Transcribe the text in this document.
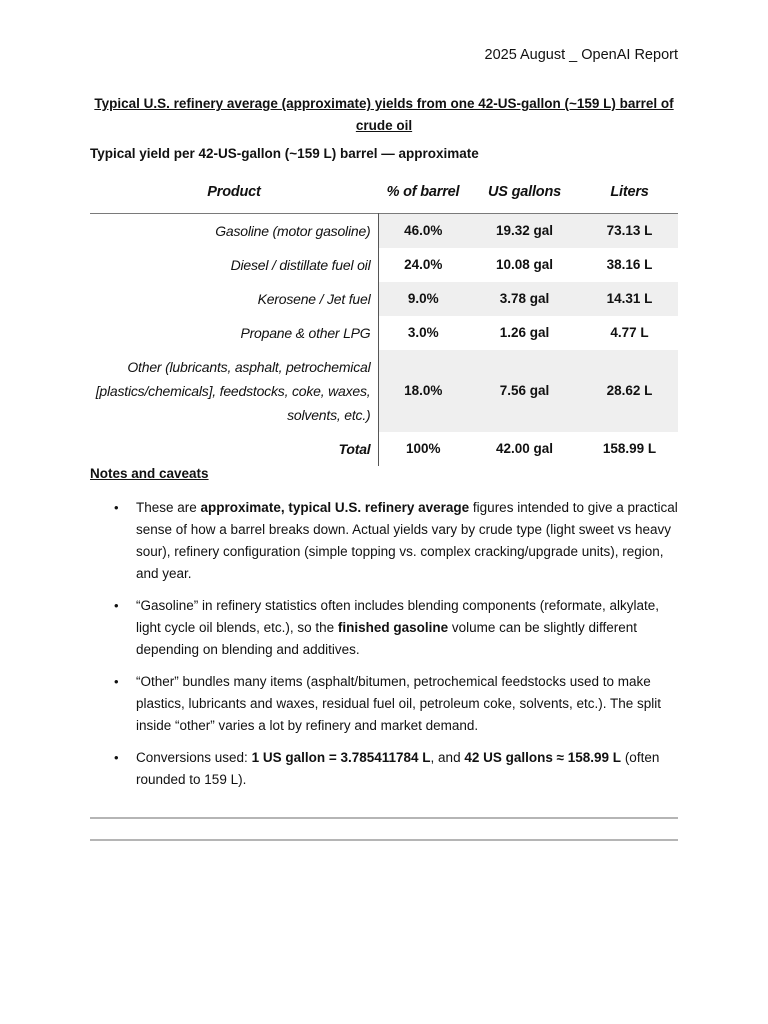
2025 August _ OpenAI Report
Typical U.S. refinery average (approximate) yields from one 42-US-gallon (~159 L) barrel of crude oil
Typical yield per 42-US-gallon (~159 L) barrel — approximate
Product	% of barrel	US gallons	Liters
Gasoline (motor gasoline)	46.0%	19.32 gal	73.13 L
Diesel / distillate fuel oil	24.0%	10.08 gal	38.16 L
Kerosene / Jet fuel	9.0%	3.78 gal	14.31 L
Propane & other LPG	3.0%	1.26 gal	4.77 L
Other (lubricants, asphalt, petrochemical [plastics/chemicals], feedstocks, coke, waxes, solvents, etc.)	18.0%	7.56 gal	28.62 L
Total	100%	42.00 gal	158.99 L
Notes and caveats
• These are approximate, typical U.S. refinery average figures intended to give a practical sense of how a barrel breaks down. Actual yields vary by crude type (light sweet vs heavy sour), refinery configuration (simple topping vs. complex cracking/upgrade units), region, and year.
• “Gasoline” in refinery statistics often includes blending components (reformate, alkylate, light cycle oil blends, etc.), so the finished gasoline volume can be slightly different depending on blending and additives.
• “Other” bundles many items (asphalt/bitumen, petrochemical feedstocks used to make plastics, lubricants and waxes, residual fuel oil, petroleum coke, solvents, etc.). The split inside “other” varies a lot by refinery and market demand.
• Conversions used: 1 US gallon = 3.785411784 L, and 42 US gallons ≈ 158.99 L (often rounded to 159 L).
